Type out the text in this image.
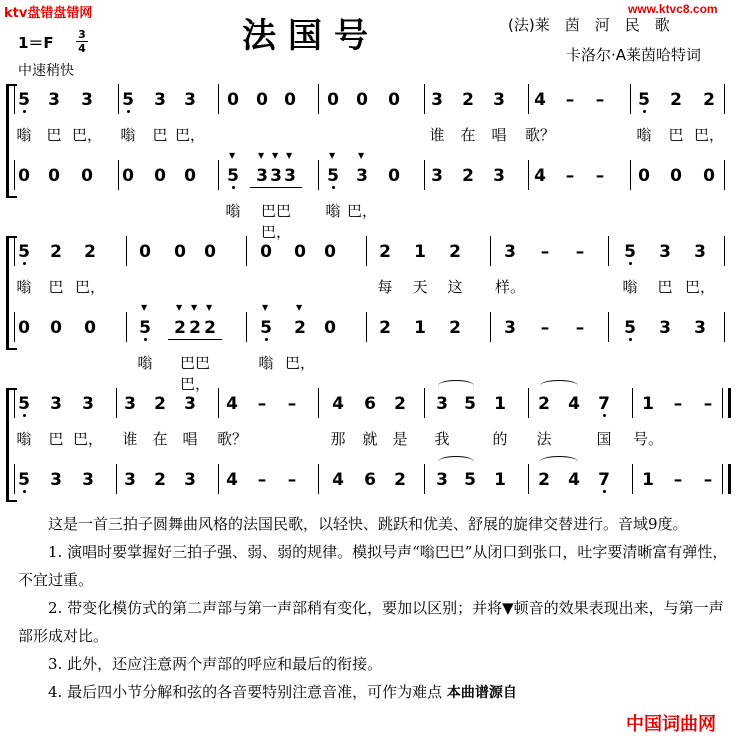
ktv盘错盘错网	www.ktvc8.com
法国号
1＝F 3
4
中速稍快
(法)莱　茵　河　民　歌
卡洛尔·A莱茵哈特词
5	3	3	5	3	3	0	0 0	0	0	0	3	2	3	4	–	–	5	2	2
嗡 巴 巴，	嗡	巴 巴，	谁	在	唱	歌？	嗡	巴 巴，
0	0	0	0	0	0	5
▼
3
▼
3
▼
3
▼
5
▼
3
▼
0	3	2	3	4	–	–	0	0	0
嗡	巴巴巴，
嗡 巴，
5	2	2	0	0	0	0	0	0	2	1	2	3	–	–	5	3	3
嗡	巴 巴，	每	天	这	样。	嗡	巴 巴，
0	0	0	5
▼
2
▼
2
▼
2
▼
5
▼
2
▼
0	2	1	2	3	–	–	5	3	3
嗡	巴巴巴，
嗡 巴，
5	3	3	3	2	3	4	–	–	4	6	2	3 5	1	2	4	7	1	–	–
嗡	巴 巴，	谁 在 唱	歌？	那	就 是	我	的	法	国	号。
5	3	3	3	2	3	4	–	–	4	6	2	3 5	1	2	4	7	1	–	–
　　这是一首三拍子圆舞曲风格的法国民歌，以轻快、跳跃和优美、舒展的旋律交替进行。音域9度。
　　1. 演唱时要掌握好三拍子强、弱、弱的规律。模拟号声“嗡巴巴”从闭口到张口，吐字要清晰富有弹性，不宜过重。
　　2. 带变化模仿式的第二声部与第一声部稍有变化，要加以区别；并将▼顿音的效果表现出来，与第一声部形成对比。
　　3. 此外，还应注意两个声部的呼应和最后的衔接。
　　4. 最后四小节分解和弦的各音要特别注意音准，可作为难点 本曲谱源自
中国词曲网
